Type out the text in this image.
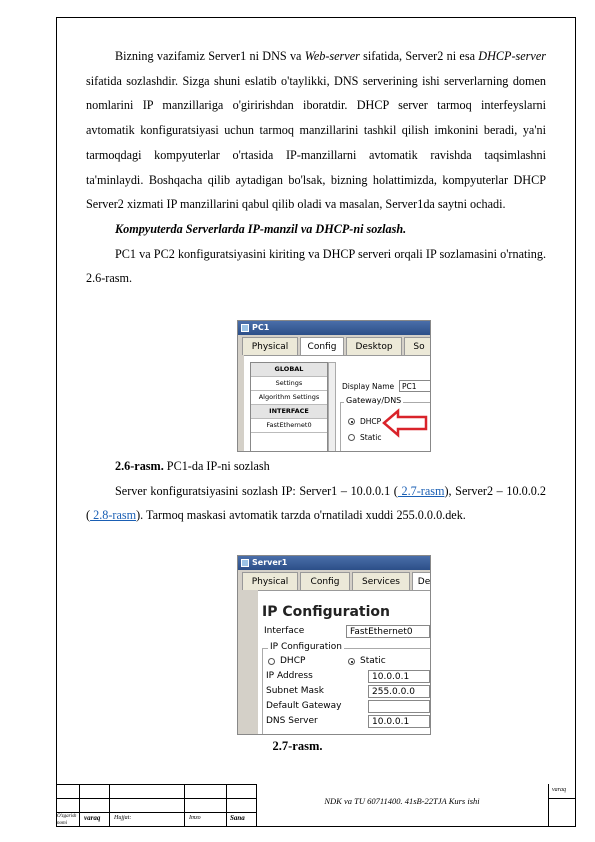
Bizning vazifamiz Server1 ni DNS va Web-server sifatida, Server2 ni esa DHCP-server sifatida sozlashdir. Sizga shuni eslatib o'taylikki, DNS serverining ishi serverlarning domen nomlarini IP manzillariga o'giririshdan iboratdir. DHCP server tarmoq interfeyslarni avtomatik konfiguratsiyasi uchun tarmoq manzillarini tashkil qilish imkonini beradi, ya'ni tarmoqdagi kompyuterlar o'rtasida IP-manzillarni avtomatik ravishda taqsimlashni ta'minlaydi. Boshqacha qilib aytadigan bo'lsak, bizning holattimizda, kompyuterlar DHCP Server2 xizmati IP manzillarini qabul qilib oladi va masalan, Server1da saytni ochadi.

Kompyuterda Serverlarda IP-manzil va DHCP-ni sozlash.

PC1 va PC2 konfiguratsiyasini kiriting va DHCP serveri orqali IP sozlamasini o'rnating. 2.6-rasm.

PC1
Physical	Config	Desktop	So
GLOBAL
Settings
Algorithm Settings
INTERFACE
FastEthernet0
Display Name	PC1
Gateway/DNS
DHCP
Static

2.6-rasm. PC1-da IP-ni sozlash

Server konfiguratsiyasini sozlash IP: Server1 – 10.0.0.1 ( 2.7-rasm), Server2 – 10.0.0.2 ( 2.8-rasm). Tarmoq maskasi avtomatik tarzda o'rnatiladi xuddi 255.0.0.0.dek.

Server1
Physical	Config	Services	De
IP Configuration
Interface	FastEthernet0
IP Configuration
DHCP	Static
IP Address	10.0.0.1
Subnet Mask	255.0.0.0
Default Gateway
DNS Server	10.0.0.1
2.7-rasm.
NDK va TU 60711400. 41sB-22TJA Kurs ishi
varaq
O'zgarish
nomi
varaq Hujjat:	Imzo	Sana
